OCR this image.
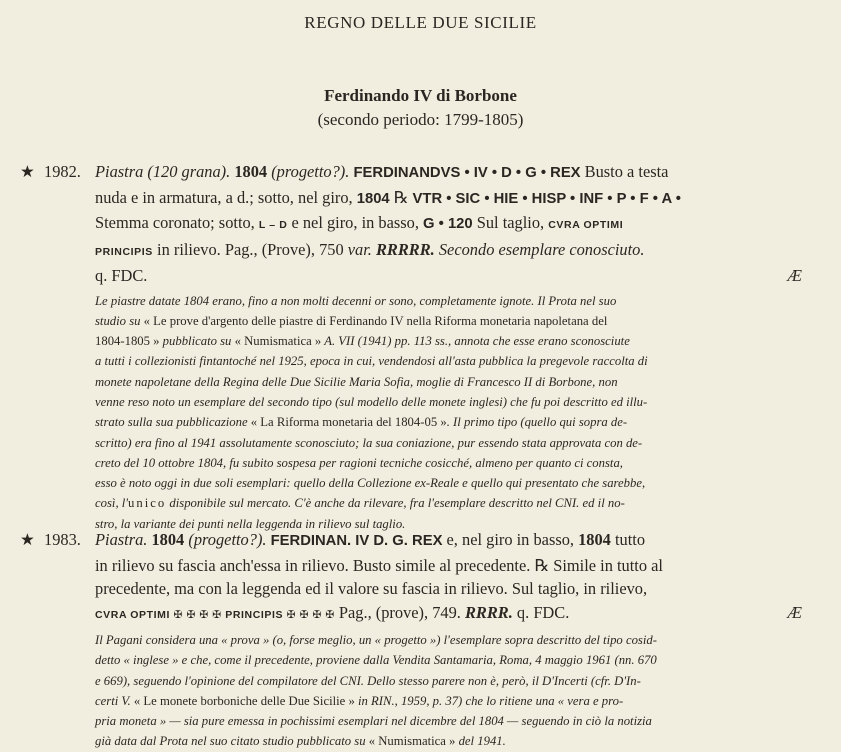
REGNO DELLE DUE SICILIE
Ferdinando IV di Borbone
(secondo periodo: 1799-1805)
★ 1982. Piastra (120 grana). 1804 (progetto?). FERDINANDVS • IV • D • G • REX Busto a testa
nuda e in armatura, a d.; sotto, nel giro, 1804 ℞ VTR • SIC • HIE • HISP • INF • P • F • A •
Stemma coronato; sotto, L – D e nel giro, in basso, G • 120 Sul taglio, CVRA OPTIMI
PRINCIPIS in rilievo. Pag., (Prove), 750 var. RRRRR. Secondo esemplare conosciuto.
q. FDC.	Æ
Le piastre datate 1804 erano, fino a non molti decenni or sono, completamente ignote. Il Prota nel suo
studio su « Le prove d'argento delle piastre di Ferdinando IV nella Riforma monetaria napoletana del
1804-1805 » pubblicato su « Numismatica » A. VII (1941) pp. 113 ss., annota che esse erano sconosciute
a tutti i collezionisti fintantoché nel 1925, epoca in cui, vendendosi all'asta pubblica la pregevole raccolta di
monete napoletane della Regina delle Due Sicilie Maria Sofia, moglie di Francesco II di Borbone, non
venne reso noto un esemplare del secondo tipo (sul modello delle monete inglesi) che fu poi descritto ed illu-
strato sulla sua pubblicazione « La Riforma monetaria del 1804-05 ». Il primo tipo (quello qui sopra de-
scritto) era fino al 1941 assolutamente sconosciuto; la sua coniazione, pur essendo stata approvata con de-
creto del 10 ottobre 1804, fu subito sospesa per ragioni tecniche cosicché, almeno per quanto ci consta,
esso è noto oggi in due soli esemplari: quello della Collezione ex-Reale e quello qui presentato che sarebbe,
così, l'unico disponibile sul mercato. C'è anche da rilevare, fra l'esemplare descritto nel CNI. ed il no-
stro, la variante dei punti nella leggenda in rilievo sul taglio.
★ 1983. Piastra. 1804 (progetto?). FERDINAN. IV D. G. REX e, nel giro in basso, 1804 tutto
in rilievo su fascia anch'essa in rilievo. Busto simile al precedente. ℞ Simile in tutto al
precedente, ma con la leggenda ed il valore su fascia in rilievo. Sul taglio, in rilievo,
CVRA OPTIMI ✠ ✠ ✠ ✠ PRINCIPIS ✠ ✠ ✠ ✠ Pag., (prove), 749. RRRR. q. FDC.	Æ
Il Pagani considera una « prova » (o, forse meglio, un « progetto ») l'esemplare sopra descritto del tipo cosid-
detto « inglese » e che, come il precedente, proviene dalla Vendita Santamaria, Roma, 4 maggio 1961 (nn. 670
e 669), seguendo l'opinione del compilatore del CNI. Dello stesso parere non è, però, il D'Incerti (cfr. D'In-
certi V. « Le monete borboniche delle Due Sicilie » in RIN., 1959, p. 37) che lo ritiene una « vera e pro-
pria moneta » — sia pure emessa in pochissimi esemplari nel dicembre del 1804 — seguendo in ciò la notizia
già data dal Prota nel suo citato studio pubblicato su « Numismatica » del 1941.
